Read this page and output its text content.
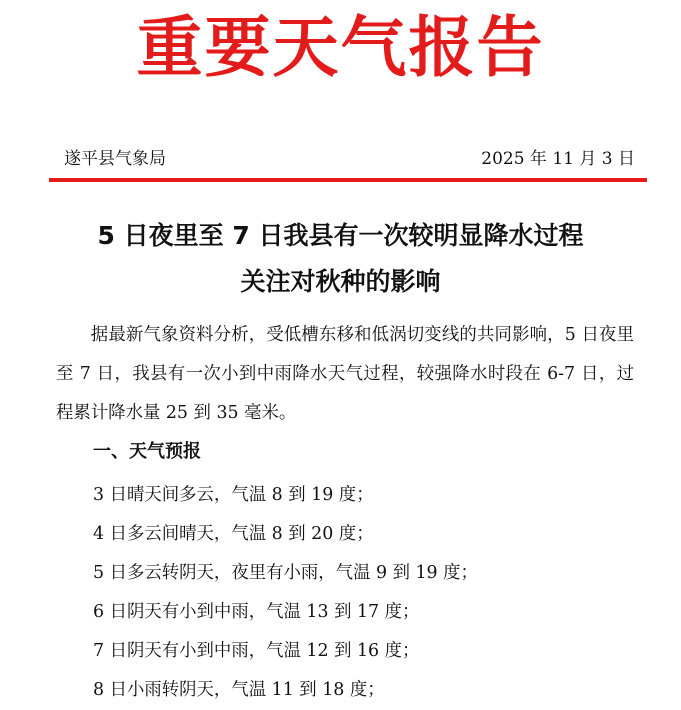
重要天气报告
遂平县气象局	2025 年 11 月 3 日
5 日夜里至 7 日我县有一次较明显降水过程
关注对秋种的影响

据最新气象资料分析，受低槽东移和低涡切变线的共同影响，5 日夜里至 7 日，我县有一次小到中雨降水天气过程，较强降水时段在 6-7 日，过程累计降水量 25 到 35 毫米。

一、天气预报
3 日晴天间多云，气温 8 到 19 度；
4 日多云间晴天，气温 8 到 20 度；
5 日多云转阴天，夜里有小雨，气温 9 到 19 度；
6 日阴天有小到中雨，气温 13 到 17 度；
7 日阴天有小到中雨，气温 12 到 16 度；
8 日小雨转阴天，气温 11 到 18 度；
